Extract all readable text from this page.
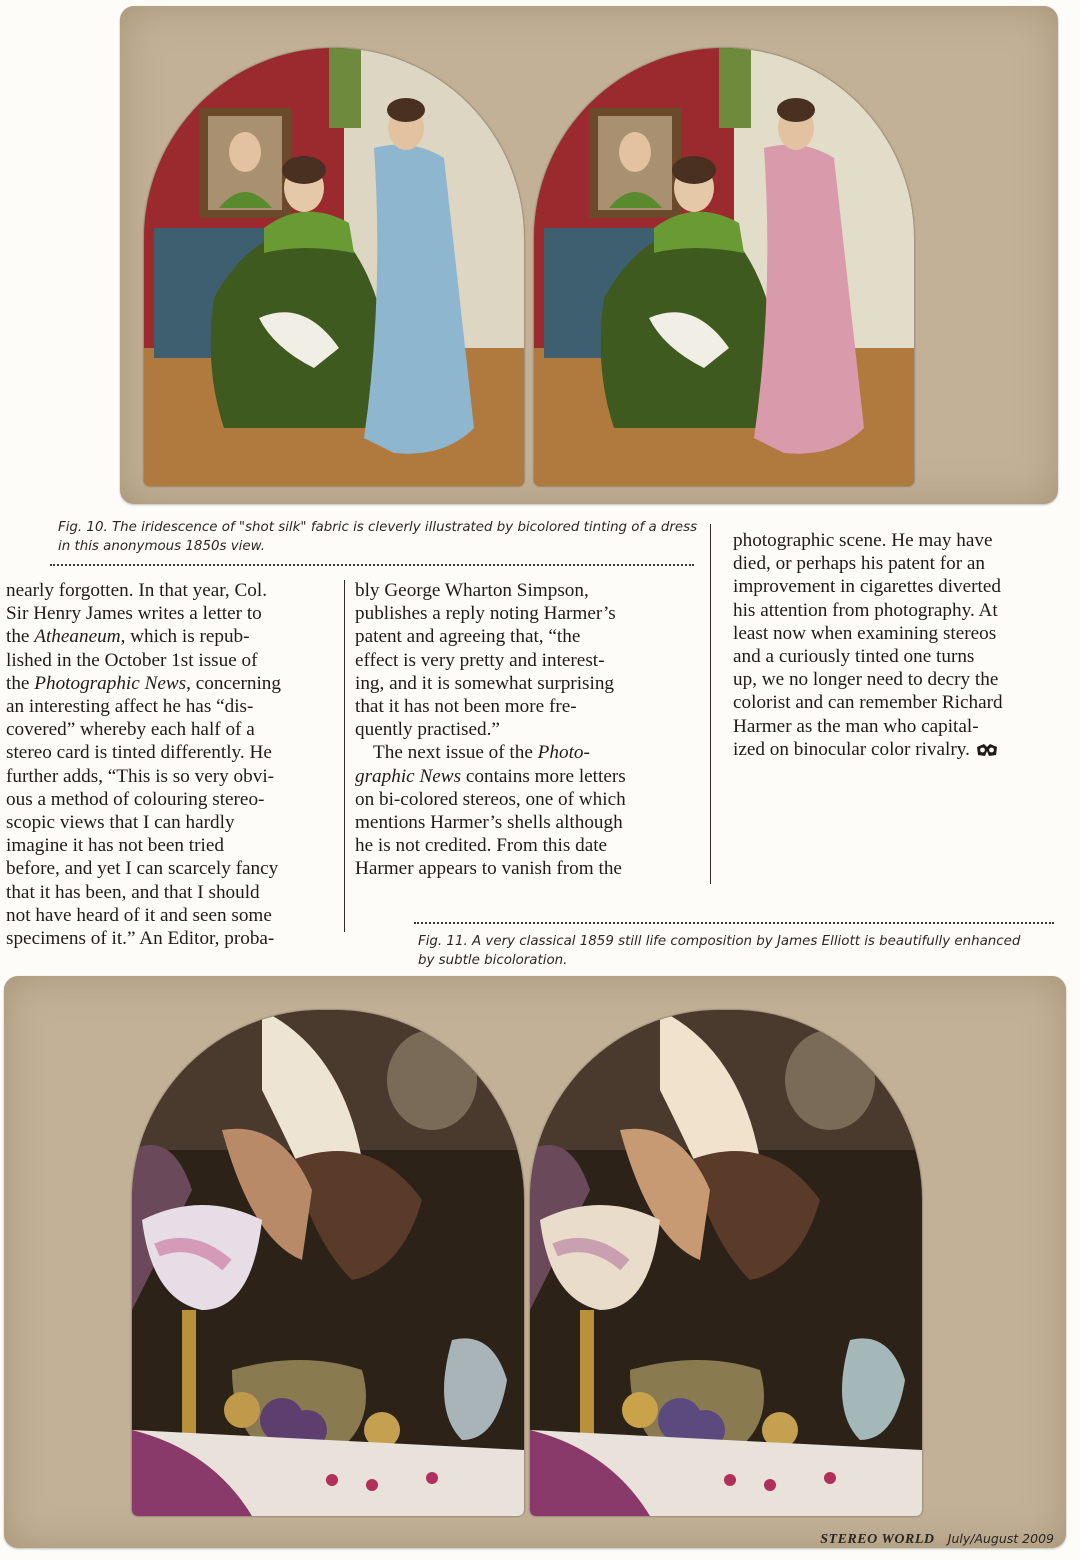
Fig. 10. The iridescence of "shot silk" fabric is cleverly illustrated by bicolored tinting of a dress in this anonymous 1850s view.

nearly forgotten. In that year, Col.
Sir Henry James writes a letter to
the Atheaneum, which is repub-
lished in the October 1st issue of
the Photographic News, concerning
an interesting affect he has “dis-
covered” whereby each half of a
stereo card is tinted differently. He
further adds, “This is so very obvi-
ous a method of colouring stereo-
scopic views that I can hardly
imagine it has not been tried
before, and yet I can scarcely fancy
that it has been, and that I should
not have heard of it and seen some
specimens of it.” An Editor, proba-
bly George Wharton Simpson,
publishes a reply noting Harmer’s
patent and agreeing that, “the
effect is very pretty and interest-
ing, and it is somewhat surprising
that it has not been more fre-
quently practised.”
The next issue of the Photo-
graphic News contains more letters
on bi-colored stereos, one of which
mentions Harmer’s shells although
he is not credited. From this date
Harmer appears to vanish from the
photographic scene. He may have
died, or perhaps his patent for an
improvement in cigarettes diverted
his attention from photography. At
least now when examining stereos
and a curiously tinted one turns
up, we no longer need to decry the
colorist and can remember Richard
Harmer as the man who capital-
ized on binocular color rivalry.

Fig. 11. A very classical 1859 still life composition by James Elliott is beautifully enhanced by subtle bicoloration.

STEREO WORLD July/August 2009
